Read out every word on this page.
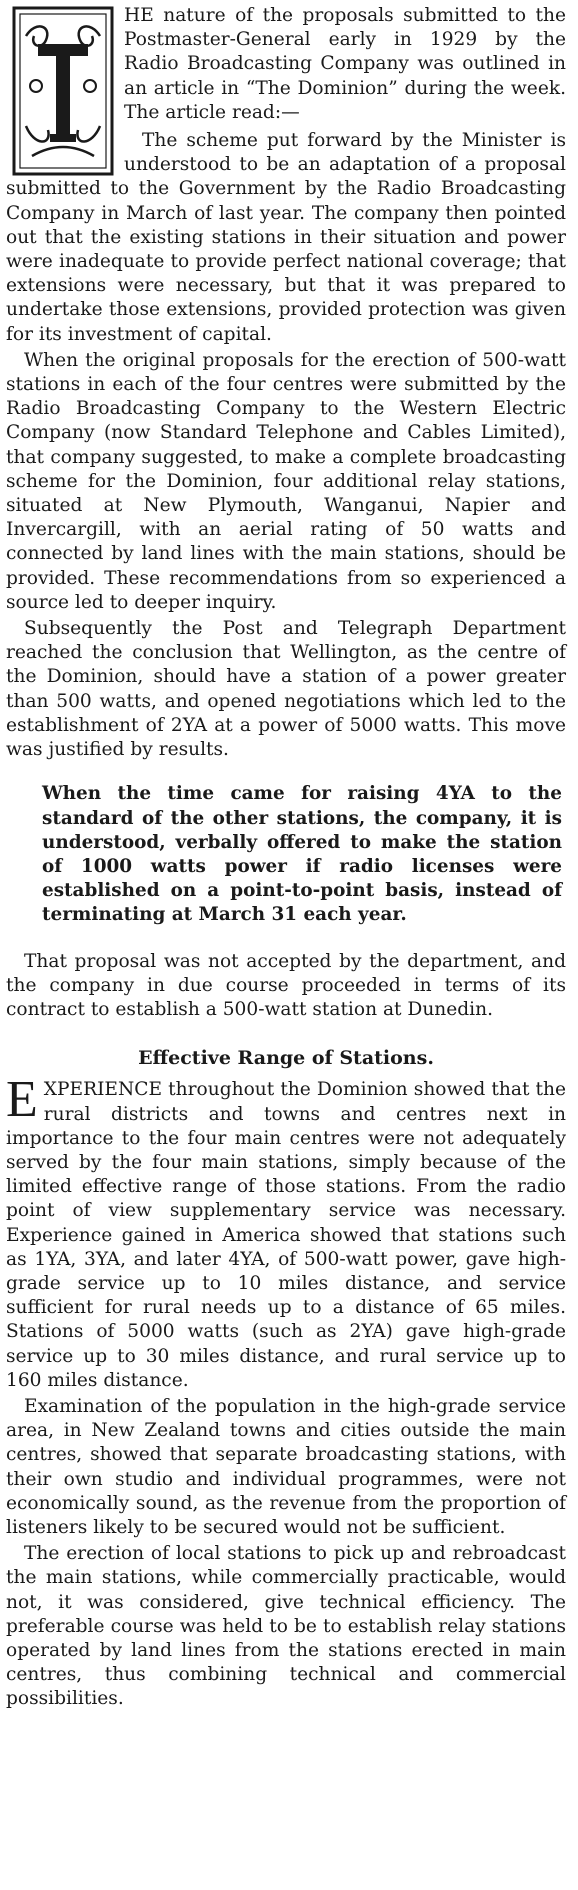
HE nature of the proposals submitted to the Postmaster-General early in 1929 by the Radio Broadcasting Company was outlined in an article in “The Dominion” during the week. The article read:—

The scheme put forward by the Minister is understood to be an adaptation of a proposal submitted to the Government by the Radio Broadcasting Company in March of last year. The company then pointed out that the existing stations in their situation and power were inadequate to provide perfect national coverage; that extensions were necessary, but that it was prepared to undertake those extensions, provided protection was given for its investment of capital.

When the original proposals for the erection of 500-watt stations in each of the four centres were submitted by the Radio Broadcasting Company to the Western Electric Company (now Standard Telephone and Cables Limited), that company suggested, to make a complete broadcasting scheme for the Dominion, four additional relay stations, situated at New Plymouth, Wanganui, Napier and Invercargill, with an aerial rating of 50 watts and connected by land lines with the main stations, should be provided. These recommendations from so experienced a source led to deeper inquiry.

Subsequently the Post and Telegraph Department reached the conclusion that Wellington, as the centre of the Dominion, should have a station of a power greater than 500 watts, and opened negotiations which led to the establishment of 2YA at a power of 5000 watts. This move was justified by results.

When the time came for raising 4YA to the standard of the other stations, the company, it is understood, verbally offered to make the station of 1000 watts power if radio licenses were established on a point-to-point basis, instead of terminating at March 31 each year.

That proposal was not accepted by the department, and the company in due course proceeded in terms of its contract to establish a 500-watt station at Dunedin.

Effective Range of Stations.

EXPERIENCE throughout the Dominion showed that the rural districts and towns and centres next in importance to the four main centres were not adequately served by the four main stations, simply because of the limited effective range of those stations. From the radio point of view supplementary service was necessary. Experience gained in America showed that stations such as 1YA, 3YA, and later 4YA, of 500-watt power, gave high-grade service up to 10 miles distance, and service sufficient for rural needs up to a distance of 65 miles. Stations of 5000 watts (such as 2YA) gave high-grade service up to 30 miles distance, and rural service up to 160 miles distance.

Examination of the population in the high-grade service area, in New Zealand towns and cities outside the main centres, showed that separate broadcasting stations, with their own studio and individual programmes, were not economically sound, as the revenue from the proportion of listeners likely to be secured would not be sufficient.

The erection of local stations to pick up and rebroadcast the main stations, while commercially practicable, would not, it was considered, give technical efficiency. The preferable course was held to be to establish relay stations operated by land lines from the stations erected in main centres, thus combining technical and commercial possibilities.
